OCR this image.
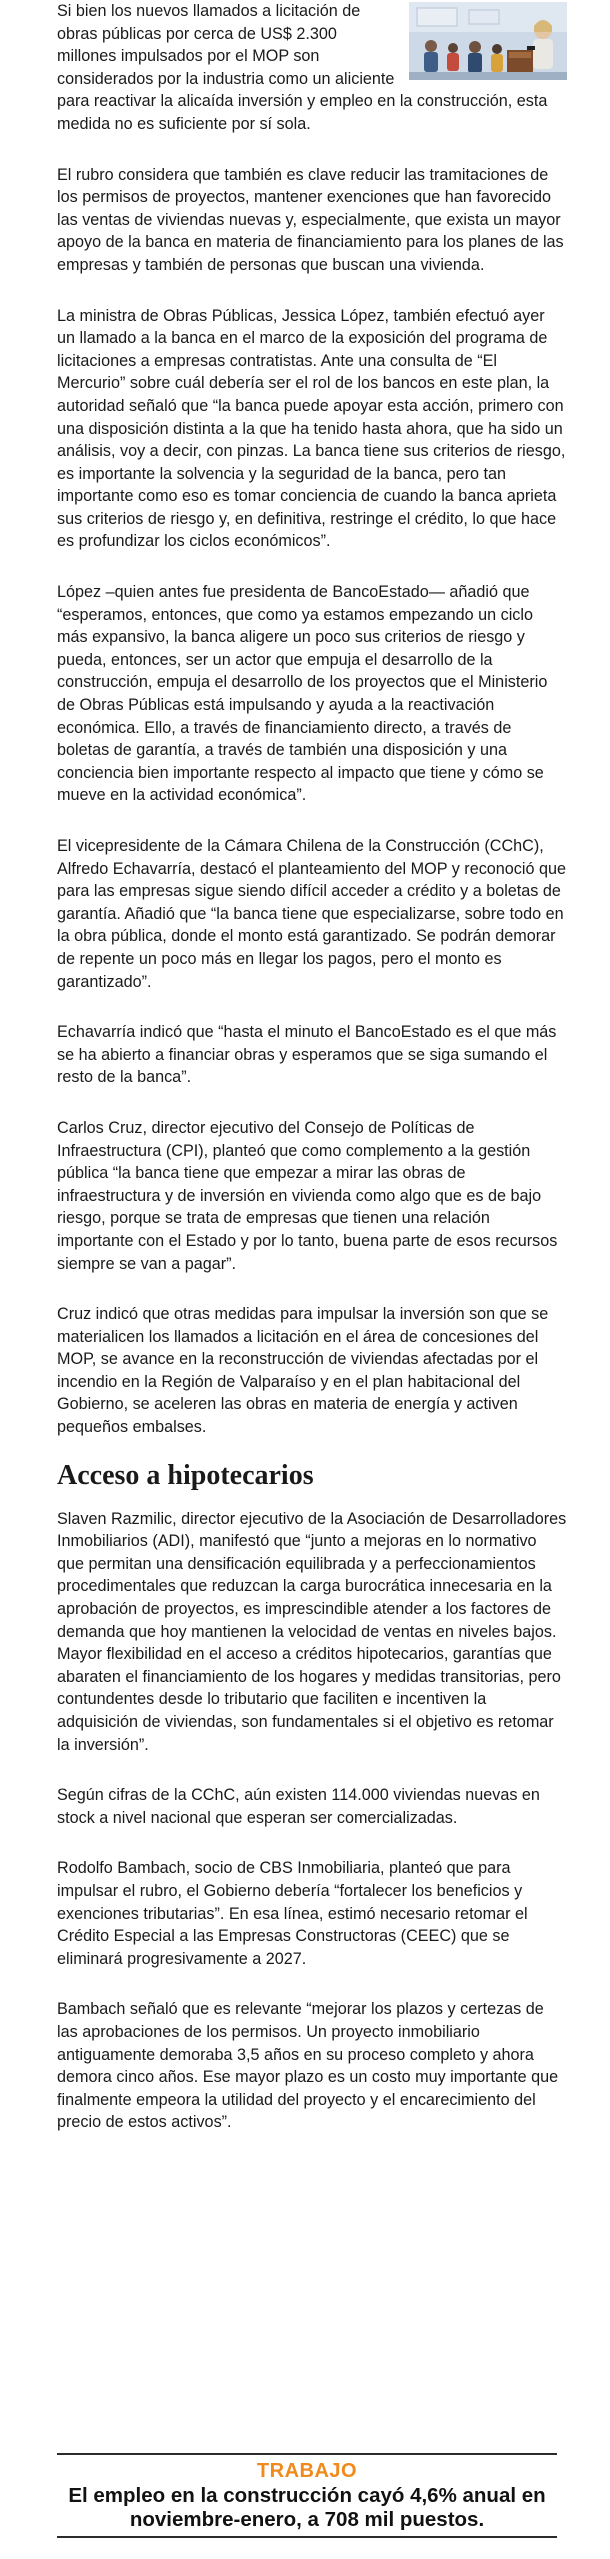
Si bien los nuevos llamados a licitación de obras públicas por cerca de US$ 2.300 millones impulsados por el MOP son considerados por la industria como un aliciente para reactivar la alicaída inversión y empleo en la construcción, esta medida no es suficiente por sí sola.

El rubro considera que también es clave reducir las tramitaciones de los permisos de proyectos, mantener exenciones que han favorecido las ventas de viviendas nuevas y, especialmente, que exista un mayor apoyo de la banca en materia de financiamiento para los planes de las empresas y también de personas que buscan una vivienda.

La ministra de Obras Públicas, Jessica López, también efectuó ayer un llamado a la banca en el marco de la exposición del programa de licitaciones a empresas contratistas. Ante una consulta de “El Mercurio” sobre cuál debería ser el rol de los bancos en este plan, la autoridad señaló que “la banca puede apoyar esta acción, primero con una disposición distinta a la que ha tenido hasta ahora, que ha sido un análisis, voy a decir, con pinzas. La banca tiene sus criterios de riesgo, es importante la solvencia y la seguridad de la banca, pero tan importante como eso es tomar conciencia de cuando la banca aprieta sus criterios de riesgo y, en definitiva, restringe el crédito, lo que hace es profundizar los ciclos económicos”.

López –quien antes fue presidenta de BancoEstado— añadió que “esperamos, entonces, que como ya estamos empezando un ciclo más expansivo, la banca aligere un poco sus criterios de riesgo y pueda, entonces, ser un actor que empuja el desarrollo de la construcción, empuja el desarrollo de los proyectos que el Ministerio de Obras Públicas está impulsando y ayuda a la reactivación económica. Ello, a través de financiamiento directo, a través de boletas de garantía, a través de también una disposición y una conciencia bien importante respecto al impacto que tiene y cómo se mueve en la actividad económica”.

El vicepresidente de la Cámara Chilena de la Construcción (CChC), Alfredo Echavarría, destacó el planteamiento del MOP y reconoció que para las empresas sigue siendo difícil acceder a crédito y a boletas de garantía. Añadió que “la banca tiene que especializarse, sobre todo en la obra pública, donde el monto está garantizado. Se podrán demorar de repente un poco más en llegar los pagos, pero el monto es garantizado”.

Echavarría indicó que “hasta el minuto el BancoEstado es el que más se ha abierto a financiar obras y esperamos que se siga sumando el resto de la banca”.

Carlos Cruz, director ejecutivo del Consejo de Políticas de Infraestructura (CPI), planteó que como complemento a la gestión pública “la banca tiene que empezar a mirar las obras de infraestructura y de inversión en vivienda como algo que es de bajo riesgo, porque se trata de empresas que tienen una relación importante con el Estado y por lo tanto, buena parte de esos recursos siempre se van a pagar”.

Cruz indicó que otras medidas para impulsar la inversión son que se materialicen los llamados a licitación en el área de concesiones del MOP, se avance en la reconstrucción de viviendas afectadas por el incendio en la Región de Valparaíso y en el plan habitacional del Gobierno, se aceleren las obras en materia de energía y activen pequeños embalses.

Acceso a hipotecarios

Slaven Razmilic, director ejecutivo de la Asociación de Desarrolladores Inmobiliarios (ADI), manifestó que “junto a mejoras en lo normativo que permitan una densificación equilibrada y a perfeccionamientos procedimentales que reduzcan la carga burocrática innecesaria en la aprobación de proyectos, es imprescindible atender a los factores de demanda que hoy mantienen la velocidad de ventas en niveles bajos. Mayor flexibilidad en el acceso a créditos hipotecarios, garantías que abaraten el financiamiento de los hogares y medidas transitorias, pero contundentes desde lo tributario que faciliten e incentiven la adquisición de viviendas, son fundamentales si el objetivo es retomar la inversión”.

Según cifras de la CChC, aún existen 114.000 viviendas nuevas en stock a nivel nacional que esperan ser comercializadas.

Rodolfo Bambach, socio de CBS Inmobiliaria, planteó que para impulsar el rubro, el Gobierno debería “fortalecer los beneficios y exenciones tributarias”. En esa línea, estimó necesario retomar el Crédito Especial a las Empresas Constructoras (CEEC) que se eliminará progresivamente a 2027.

Bambach señaló que es relevante “mejorar los plazos y certezas de las aprobaciones de los permisos. Un proyecto inmobiliario antiguamente demoraba 3,5 años en su proceso completo y ahora demora cinco años. Ese mayor plazo es un costo muy importante que finalmente empeora la utilidad del proyecto y el encarecimiento del precio de estos activos”.

TRABAJO
El empleo en la construcción cayó 4,6% anual en noviembre-enero, a 708 mil puestos.
